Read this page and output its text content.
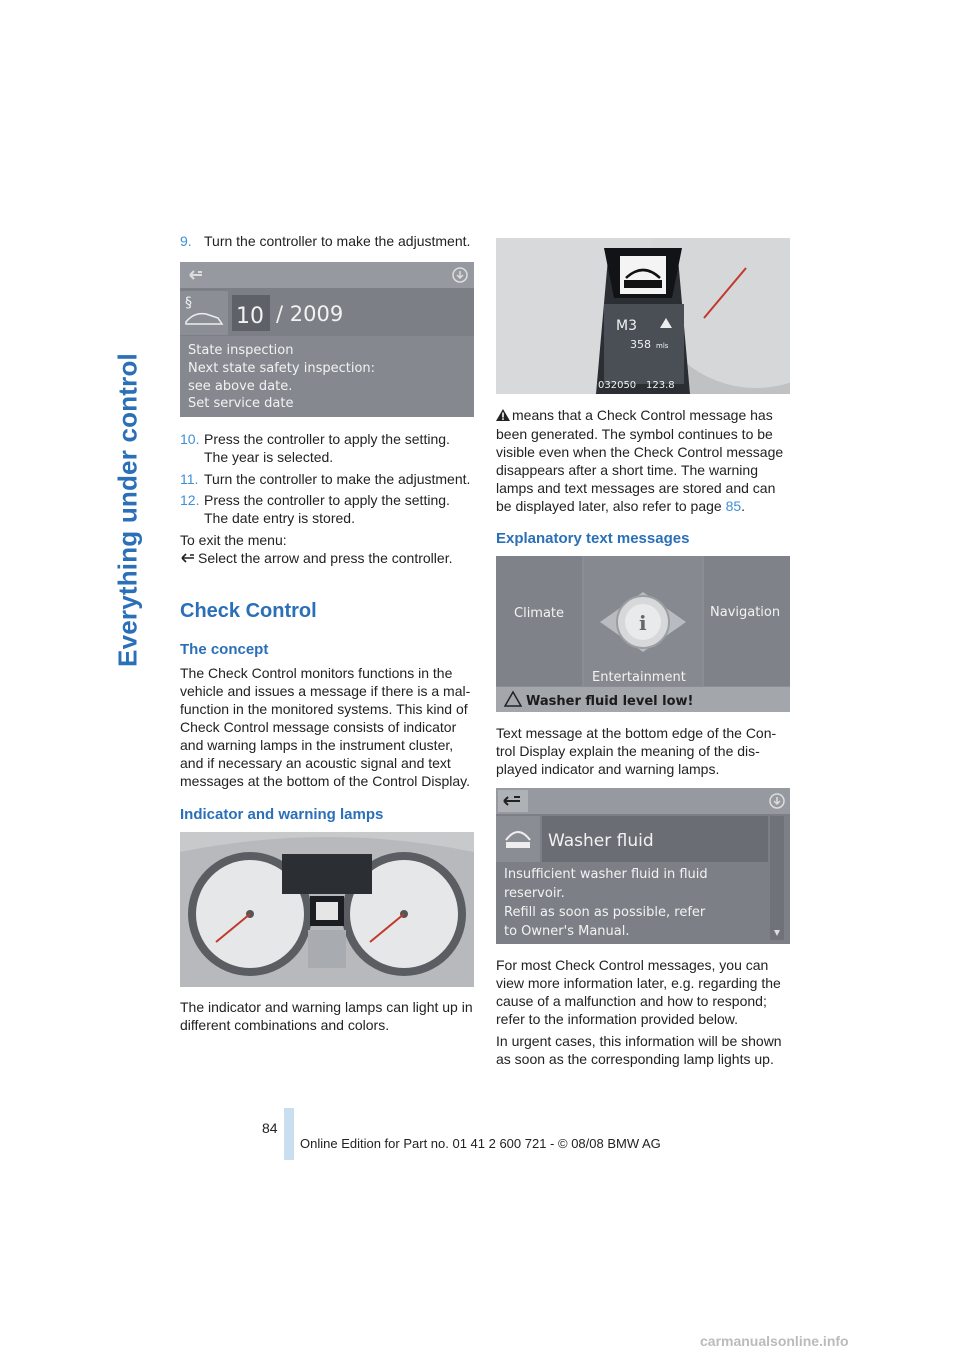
Everything under control
9. Turn the controller to make the adjustment.
§
10 / 2009
State inspection
Next state safety inspection:
see above date.
Set service date
10. Press the controller to apply the setting. The year is selected.
11. Turn the controller to make the adjustment.
12. Press the controller to apply the setting. The date entry is stored.
To exit the menu:
Select the arrow and press the controller.
Check Control
The concept
The Check Control monitors functions in the vehicle and issues a message if there is a mal-function in the monitored systems. This kind of Check Control message consists of indicator and warning lamps in the instrument cluster, and if necessary an acoustic signal and text messages at the bottom of the Control Display.
Indicator and warning lamps
The indicator and warning lamps can light up in different combinations and colors.
M3
358 mls
032050 123.8
means that a Check Control message has been generated. The symbol continues to be visible even when the Check Control message disappears after a short time. The warning lamps and text messages are stored and can be displayed later, also refer to page 85.
Explanatory text messages
i
Climate	Navigation
Entertainment
Washer fluid level low!
Text message at the bottom edge of the Con-trol Display explain the meaning of the dis-played indicator and warning lamps.
Washer fluid
Insufficient washer fluid in fluid
reservoir.
Refill as soon as possible, refer
to Owner's Manual.
For most Check Control messages, you can view more information later, e.g. regarding the cause of a malfunction and how to respond; refer to the information provided below.
In urgent cases, this information will be shown as soon as the corresponding lamp lights up.
84
Online Edition for Part no. 01 41 2 600 721 - © 08/08 BMW AG
carmanualsonline.info
